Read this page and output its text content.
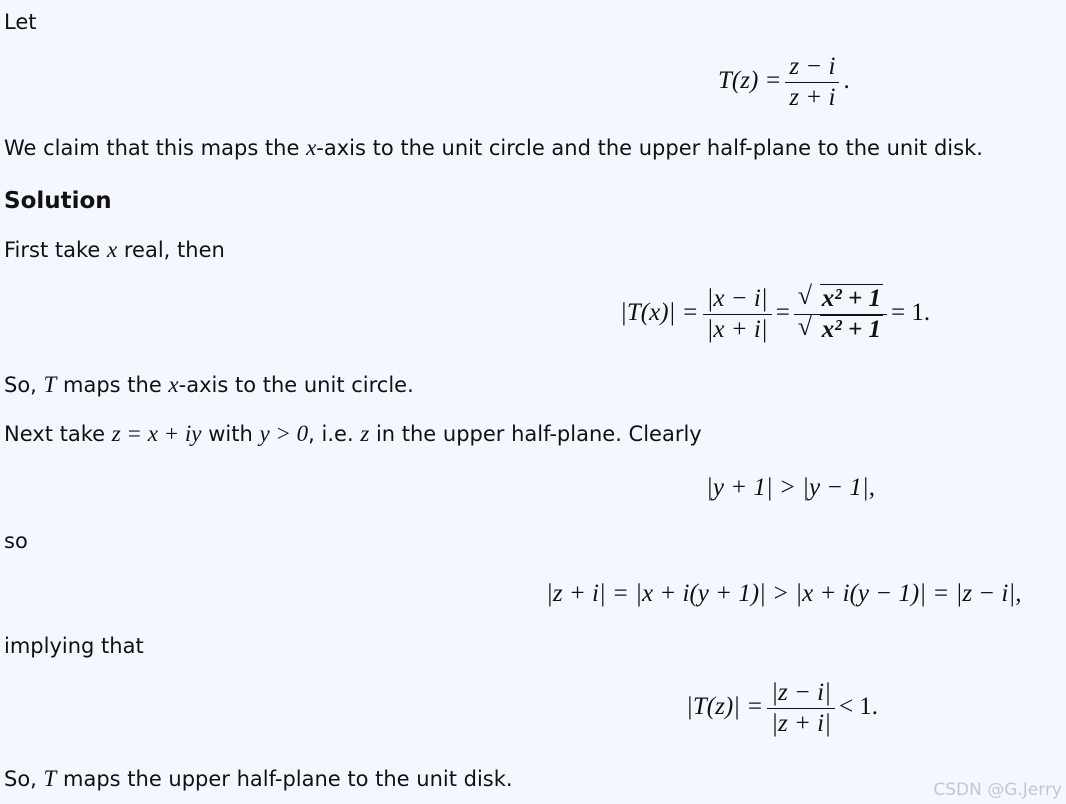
Let
$T(z) = \frac{z - i}{z + i}$ .
We claim that this maps the x-axis to the unit circle and the upper half-plane to the unit disk.
Solution
First take x real, then
$|T(x)| = \frac{|x - i|}{|x + i|} = \frac{\text{√ x² + 1}}{\text{√ x² + 1}} = 1$.
So, T maps the x-axis to the unit circle.
Next take z = x + iy with y > 0, i.e. z in the upper half-plane. Clearly
|y + 1| > |y − 1|,
so
|z + i| = |x + i(y + 1)| > |x + i(y − 1)| = |z − i|,
implying that
$|T(z)| = \frac{|z - i|}{|z + i|} < 1$.
So, T maps the upper half-plane to the unit disk.	CSDN @G.Jerry
